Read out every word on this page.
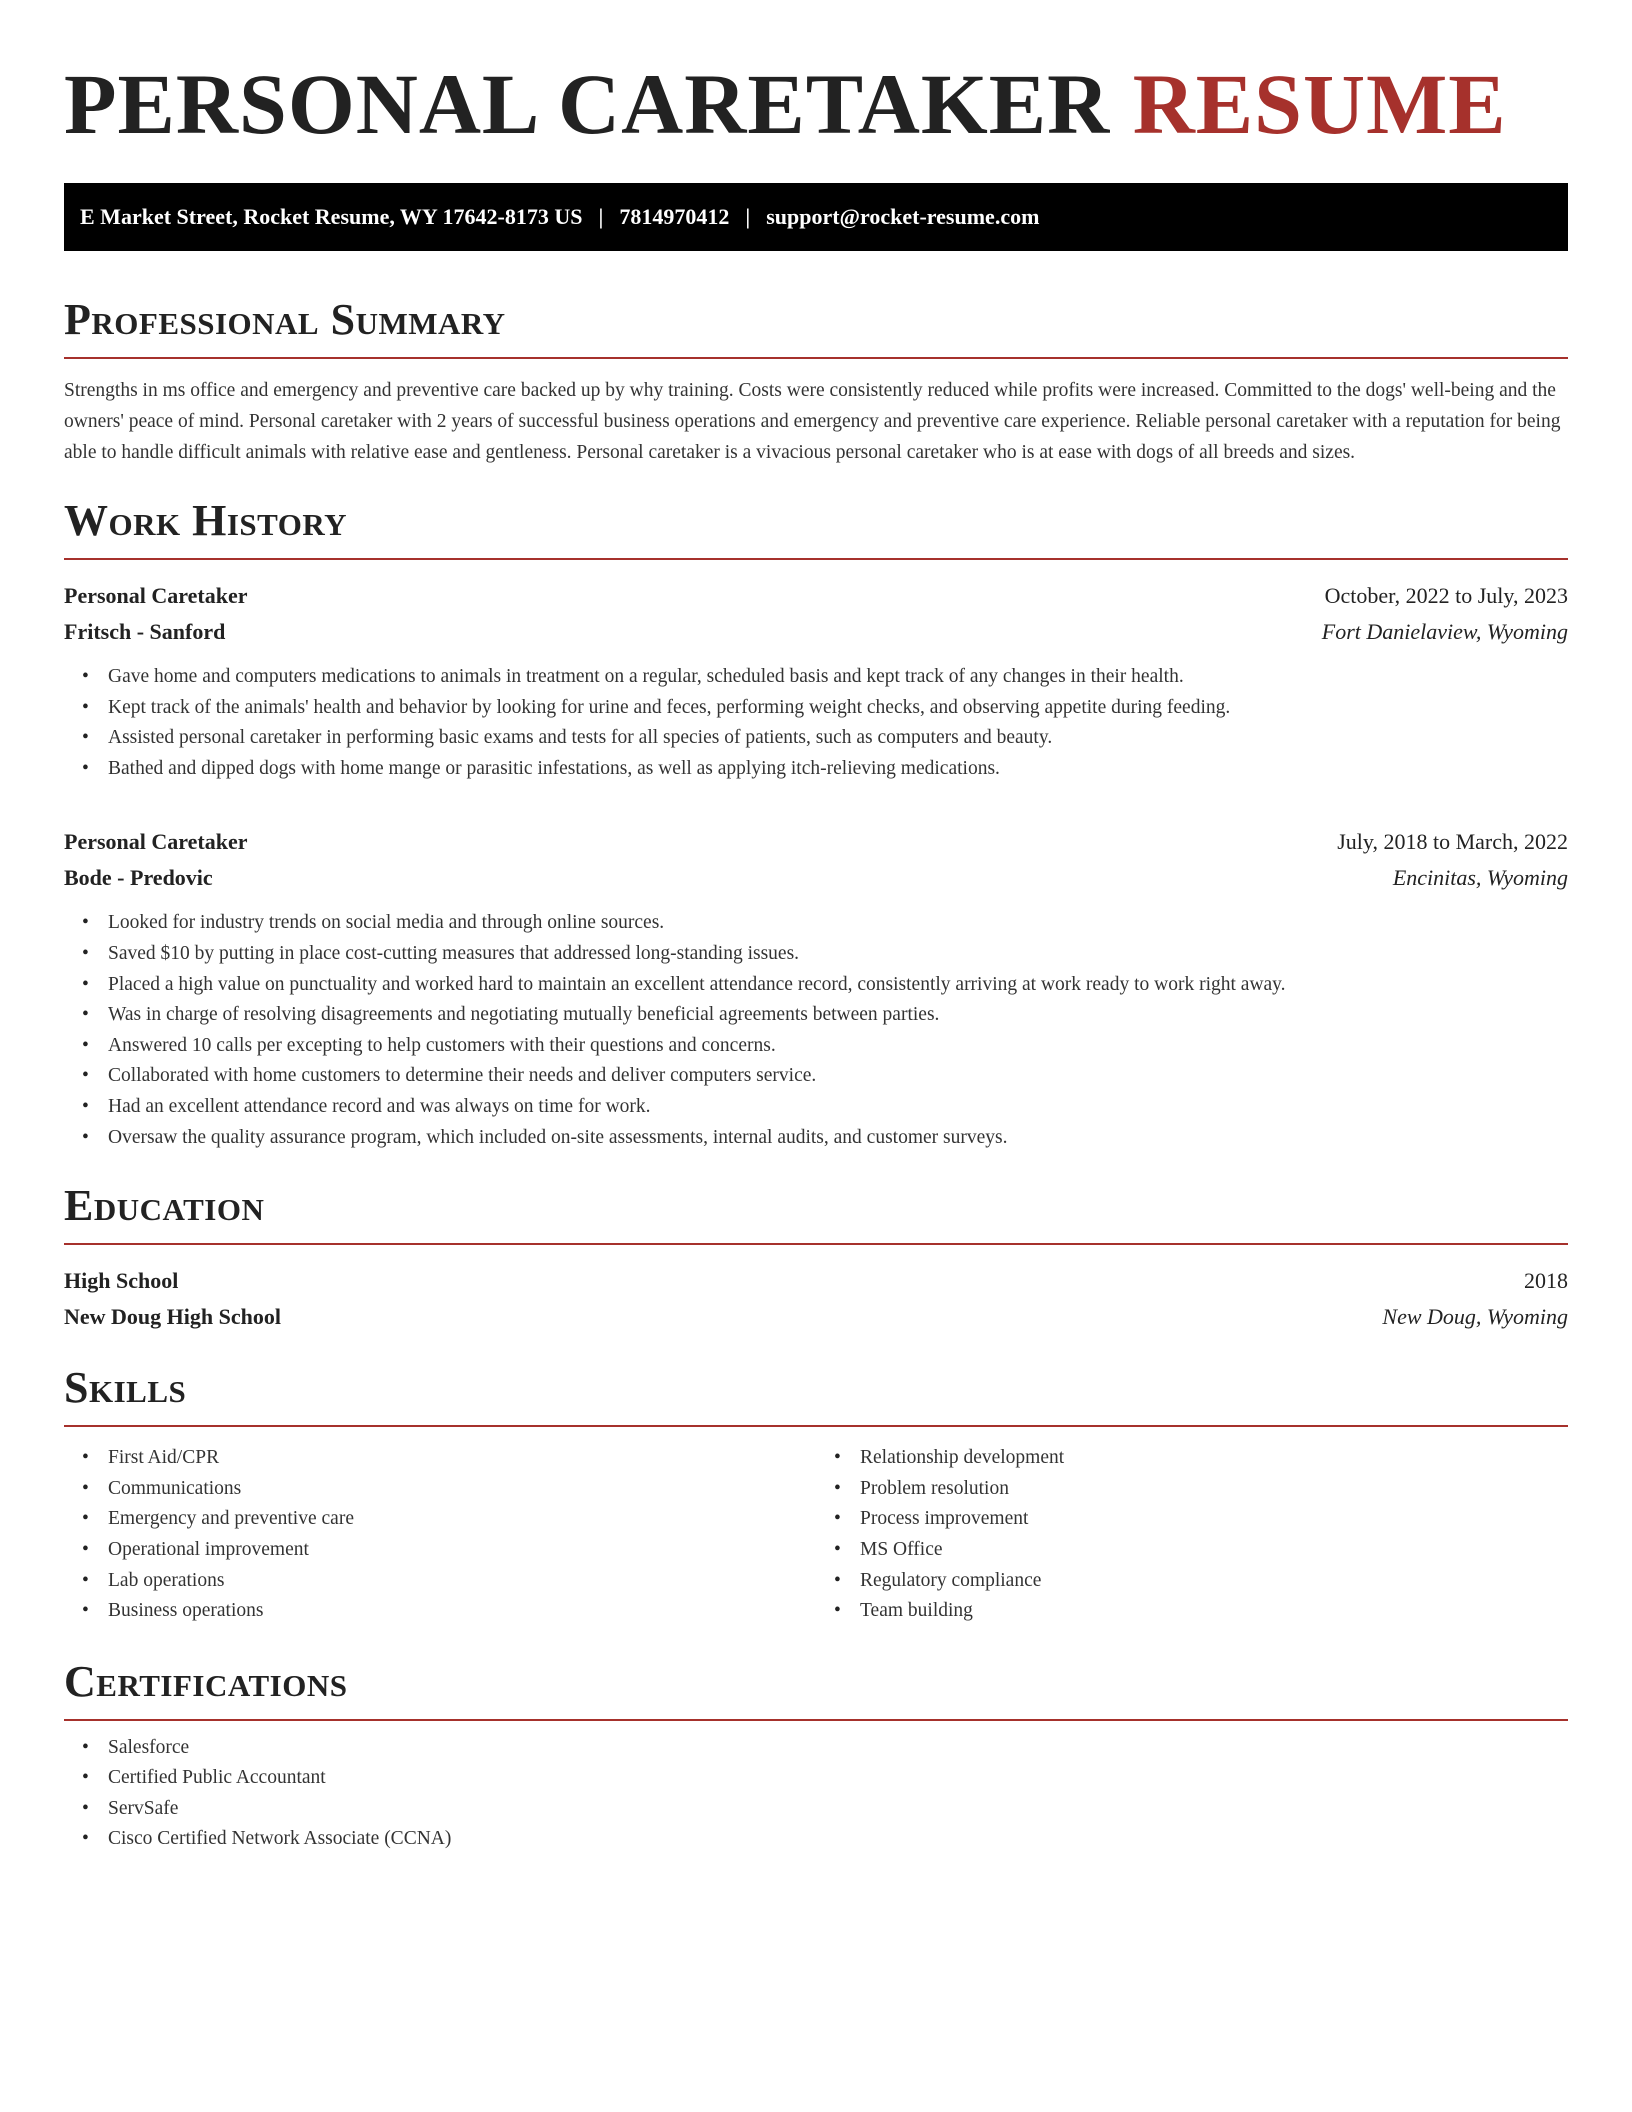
PERSONAL CARETAKER RESUME
E Market Street, Rocket Resume, WY 17642-8173 US | 7814970412 | support@rocket-resume.com
Professional Summary

Strengths in ms office and emergency and preventive care backed up by why training. Costs were consistently reduced while profits were increased. Committed to the dogs' well-being and the owners' peace of mind. Personal caretaker with 2 years of successful business operations and emergency and preventive care experience. Reliable personal caretaker with a reputation for being able to handle difficult animals with relative ease and gentleness. Personal caretaker is a vivacious personal caretaker who is at ease with dogs of all breeds and sizes.

Work History
Personal Caretaker	October, 2022 to July, 2023
Fritsch - Sanford	Fort Danielaview, Wyoming
• Gave home and computers medications to animals in treatment on a regular, scheduled basis and kept track of any changes in their health.
• Kept track of the animals' health and behavior by looking for urine and feces, performing weight checks, and observing appetite during feeding.
• Assisted personal caretaker in performing basic exams and tests for all species of patients, such as computers and beauty.
• Bathed and dipped dogs with home mange or parasitic infestations, as well as applying itch-relieving medications.
Personal Caretaker	July, 2018 to March, 2022
Bode - Predovic	Encinitas, Wyoming
• Looked for industry trends on social media and through online sources.
• Saved $10 by putting in place cost-cutting measures that addressed long-standing issues.
• Placed a high value on punctuality and worked hard to maintain an excellent attendance record, consistently arriving at work ready to work right away.
• Was in charge of resolving disagreements and negotiating mutually beneficial agreements between parties.
• Answered 10 calls per excepting to help customers with their questions and concerns.
• Collaborated with home customers to determine their needs and deliver computers service.
• Had an excellent attendance record and was always on time for work.
• Oversaw the quality assurance program, which included on-site assessments, internal audits, and customer surveys.
Education
High School	2018
New Doug High School	New Doug, Wyoming
Skills
• First Aid/CPR
• Communications
• Emergency and preventive care
• Operational improvement
• Lab operations
• Business operations
• Relationship development
• Problem resolution
• Process improvement
• MS Office
• Regulatory compliance
• Team building
Certifications
• Salesforce
• Certified Public Accountant
• ServSafe
• Cisco Certified Network Associate (CCNA)
